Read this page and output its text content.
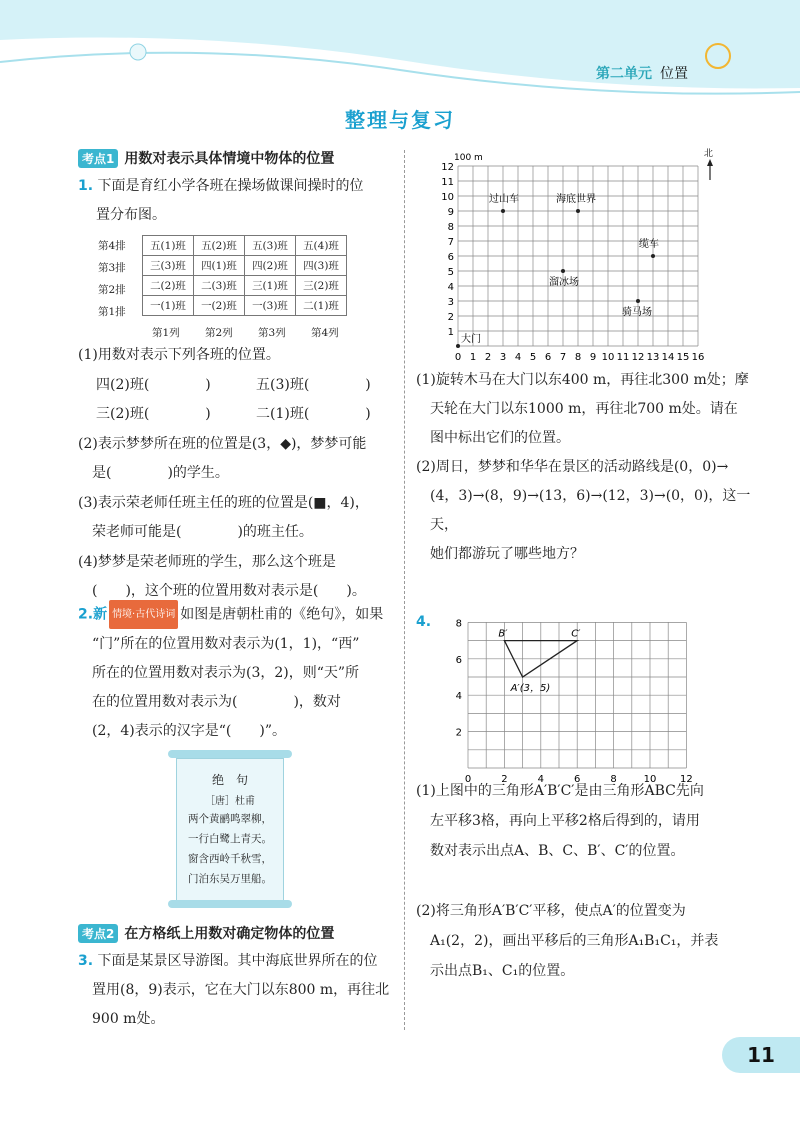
第二单元 位置
整理与复习
考点1 用数对表示具体情境中物体的位置
1. 下面是育红小学各班在操场做课间操时的位
置分布图。
第4排
第3排
第2排
第1排
五(1)班	五(2)班	五(3)班	五(4)班
三(3)班	四(1)班	四(2)班	四(3)班
二(2)班	二(3)班	三(1)班	三(2)班
一(1)班	一(2)班	一(3)班	二(1)班
第1列 第2列 第3列 第4列
(1)用数对表示下列各班的位置。
四(2)班(　　　　)	五(3)班(　　　　)
三(2)班(　　　　)	二(1)班(　　　　)
(2)表示梦梦所在班的位置是(3，◆)，梦梦可能
是(　　　　)的学生。
(3)表示荣老师任班主任的班的位置是(■，4)，
荣老师可能是(　　　　)的班主任。
(4)梦梦是荣老师班的学生，那么这个班是
(　　)，这个班的位置用数对表示是(　　)。
2.新 情境·古代诗词 如图是唐朝杜甫的《绝句》，如果
“门”所在的位置用数对表示为(1，1)，“西”
所在的位置用数对表示为(3，2)，则“天”所
在的位置用数对表示为(　　　　)，数对
(2，4)表示的汉字是“(　　)”。
绝　句
［唐］杜甫
两个黄鹂鸣翠柳，
一行白鹭上青天。
窗含西岭千秋雪，
门泊东吴万里船。
考点2 在方格纸上用数对确定物体的位置
3. 下面是某景区导游图。其中海底世界所在的位
置用(8，9)表示，它在大门以东800 m，再往北
900 m处。
0 1 2 3 4 5 6 7 8 9 10 11 12 13 14 15 16
1
2
3
4
5
6
7
8
9
10
11
12
100 m	北
过山车	海底世界
缆车
溜冰场
骑马场
大门
(1)旋转木马在大门以东400 m，再往北300 m处；摩
天轮在大门以东1000 m，再往北700 m处。请在
图中标出它们的位置。
(2)周日，梦梦和华华在景区的活动路线是(0，0)→
(4，3)→(8，9)→(13，6)→(12，3)→(0，0)，这一天，
她们都游玩了哪些地方？
4.
0	2	4	6	8	10 12
2
4
6
8
B′	C′
A′(3，5)
(1)上图中的三角形A′B′C′是由三角形ABC先向
左平移3格，再向上平移2格后得到的，请用
数对表示出点A、B、C、B′、C′的位置。
(2)将三角形A′B′C′平移，使点A′的位置变为
A₁(2，2)，画出平移后的三角形A₁B₁C₁，并表
示出点B₁、C₁的位置。
11
